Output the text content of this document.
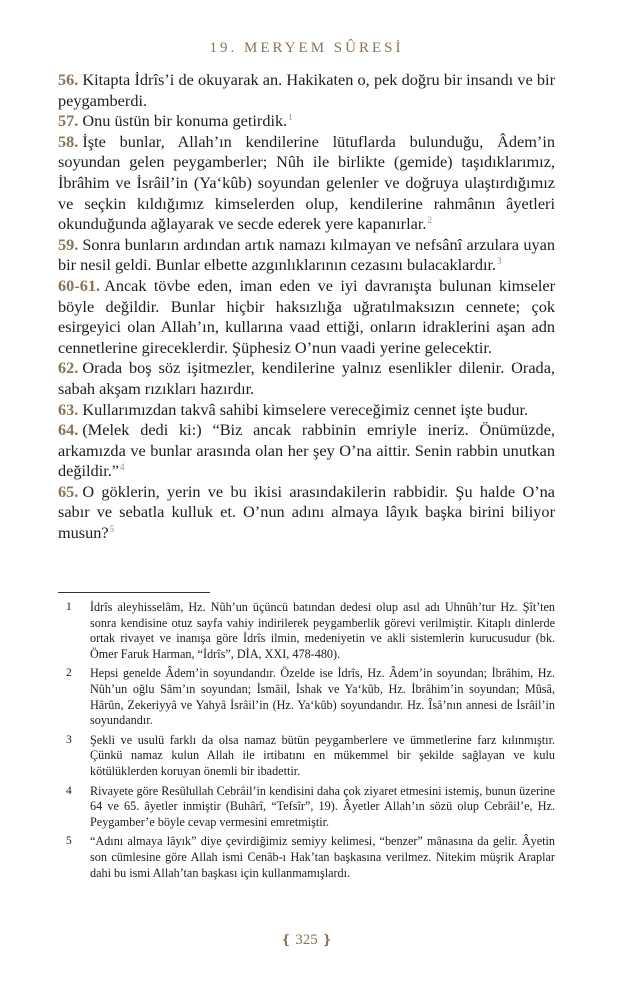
19. MERYEM SÛRESİ

56. Kitapta İdrîs’i de okuyarak an. Hakikaten o, pek doğru bir insandı ve bir peygamberdi.

57. Onu üstün bir konuma getirdik.$^1$

58. İşte bunlar, Allah’ın kendilerine lütuflarda bulunduğu, Âdem’in soyundan gelen peygamberler; Nûh ile birlikte (gemide) taşıdıklarımız, İbrâhim ve İsrâil’in (Ya‘kûb) soyundan gelenler ve doğruya ulaştırdığımız ve seçkin kıldığımız kimselerden olup, kendilerine rahmânın âyetleri okunduğunda ağlayarak ve secde ederek yere kapanırlar.$^2$

59. Sonra bunların ardından artık namazı kılmayan ve nefsânî arzulara uyan bir nesil geldi. Bunlar elbette azgınlıklarının cezasını bulacaklardır.$^3$

60-61. Ancak tövbe eden, iman eden ve iyi davranışta bulunan kimseler böyle değildir. Bunlar hiçbir haksızlığa uğratılmaksızın cennete; çok esirgeyici olan Allah’ın, kullarına vaad ettiği, onların idraklerini aşan adn cennetlerine gireceklerdir. Şüphesiz O’nun vaadi yerine gelecektir.

62. Orada boş söz işitmezler, kendilerine yalnız esenlikler dilenir. Orada, sabah akşam rızıkları hazırdır.

63. Kullarımızdan takvâ sahibi kimselere vereceğimiz cennet işte budur.

64. (Melek dedi ki:) “Biz ancak rabbinin emriyle ineriz. Önümüzde, arkamızda ve bunlar arasında olan her şey O’na aittir. Senin rabbin unutkan değildir.”$^4$

65. O göklerin, yerin ve bu ikisi arasındakilerin rabbidir. Şu halde O’na sabır ve sebatla kulluk et. O’nun adını almaya lâyık başka birini biliyor musun?$^5$

1	İdrîs aleyhisselâm, Hz. Nûh’un üçüncü batından dedesi olup asıl adı Uhnûh’tur Hz. Şît’ten sonra kendisine otuz sayfa vahiy indirilerek peygamberlik görevi verilmiştir. Kitaplı dinlerde ortak rivayet ve inanışa göre İdrîs ilmin, medeniyetin ve akli sistemlerin kurucusudur (bk. Ömer Faruk Harman, “İdrîs”, DİA, XXI, 478-480).
2	Hepsi genelde Âdem’in soyundandır. Özelde ise İdrîs, Hz. Âdem’in soyundan; İbrâhim, Hz. Nûh’un oğlu Sâm’ın soyundan; İsmâil, İshak ve Ya‘kûb, Hz. İbrâhim’in soyundan; Mûsâ, Hârûn, Zekeriyyâ ve Yahyâ İsrâil’in (Hz. Ya‘kûb) soyundandır. Hz. Îsâ’nın annesi de İsrâil’in soyundandır.
3	Şekli ve usulü farklı da olsa namaz bütün peygamberlere ve ümmetlerine farz kılınmıştır. Çünkü namaz kulun Allah ile irtibatını en mükemmel bir şekilde sağlayan ve kulu kötülüklerden koruyan önemli bir ibadettir.
4	Rivayete göre Resûlullah Cebrâil’in kendisini daha çok ziyaret etmesini istemiş, bunun üzerine 64 ve 65. âyetler inmiştir (Buhârî, “Tefsîr”, 19). Âyetler Allah’ın sözü olup Cebrâil’e, Hz. Peygamber’e böyle cevap vermesini emretmiştir.
5	“Adını almaya lâyık” diye çevirdiğimiz semiyy kelimesi, “benzer” mânasına da gelir. Âyetin son cümlesine göre Allah ismi Cenâb-ı Hak’tan başkasına verilmez. Nitekim müşrik Araplar dahi bu ismi Allah’tan başkası için kullanmamışlardı.
❴ 325 ❵
